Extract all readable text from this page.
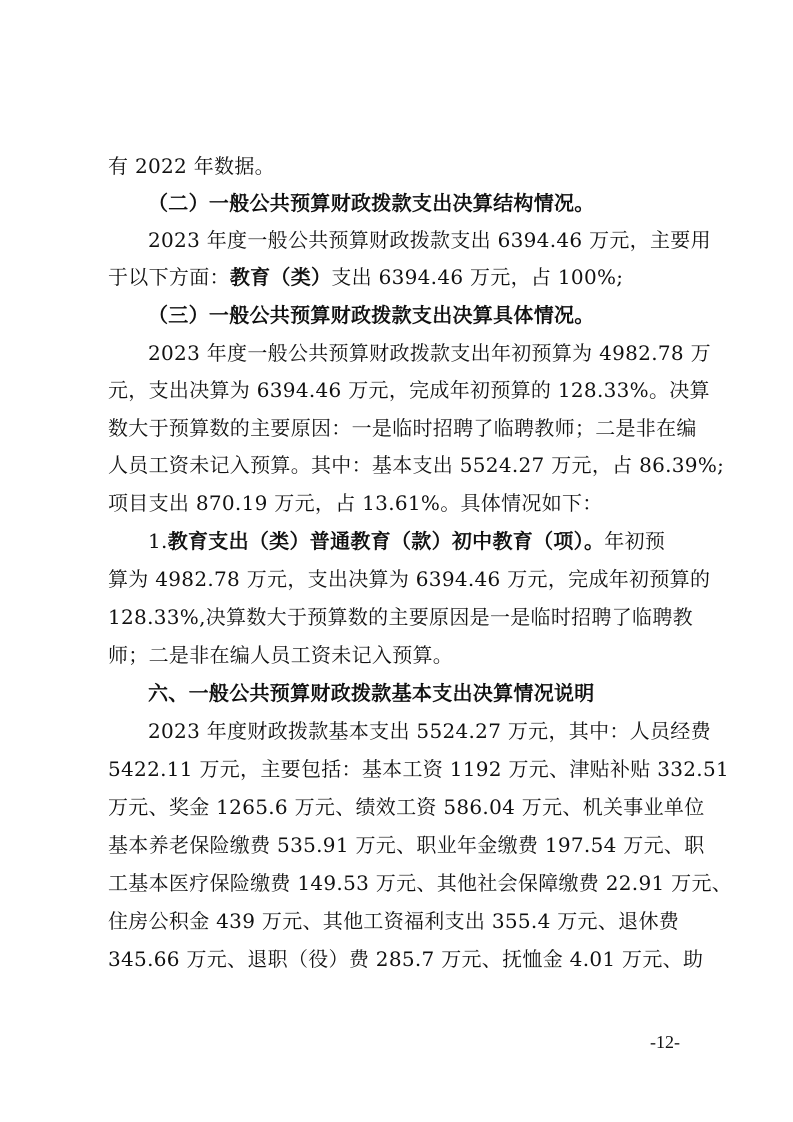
有 2022 年数据。
（二）一般公共预算财政拨款支出决算结构情况。
2023 年度一般公共预算财政拨款支出 6394.46 万元，主要用
于以下方面：教育（类）支出 6394.46 万元，占 100%;
（三）一般公共预算财政拨款支出决算具体情况。
2023 年度一般公共预算财政拨款支出年初预算为 4982.78 万
元，支出决算为 6394.46 万元，完成年初预算的 128.33%。决算
数大于预算数的主要原因：一是临时招聘了临聘教师；二是非在编
人员工资未记入预算。其中：基本支出 5524.27 万元，占 86.39%;
项目支出 870.19 万元，占 13.61%。具体情况如下：
1.教育支出（类）普通教育（款）初中教育（项）。年初预
算为 4982.78 万元，支出决算为 6394.46 万元，完成年初预算的
128.33%,决算数大于预算数的主要原因是一是临时招聘了临聘教
师；二是非在编人员工资未记入预算。
六、一般公共预算财政拨款基本支出决算情况说明
2023 年度财政拨款基本支出 5524.27 万元，其中：人员经费
5422.11 万元，主要包括：基本工资 1192 万元、津贴补贴 332.51
万元、奖金 1265.6 万元、绩效工资 586.04 万元、机关事业单位
基本养老保险缴费 535.91 万元、职业年金缴费 197.54 万元、职
工基本医疗保险缴费 149.53 万元、其他社会保障缴费 22.91 万元、
住房公积金 439 万元、其他工资福利支出 355.4 万元、退休费
345.66 万元、退职（役）费 285.7 万元、抚恤金 4.01 万元、助
-12-
